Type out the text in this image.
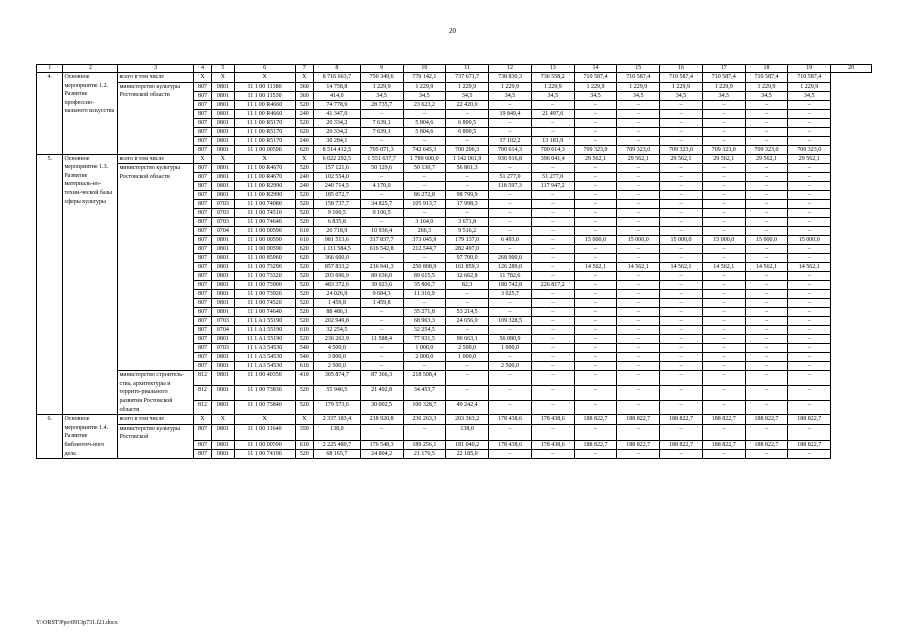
20
1	2	3	4	5	6	7	8	9	10	11	12	13	14	15	16	17	18	19	20
4.	Основное мероприятие 1.2. Развитие профессио-нального искусства	всего в том числе	X	X	X	X	8 716 663,7	750 349,6	779 142,1	737 671,7	738 830,3	736 558,2	710 587,4	710 587,4	710 587,4	710 587,4	710 587,4	710 587,4	
		министерство культуры Ростовской области	807	0801	11 1 00 11380	360	14 758,8	1 229,9	1 229,9	1 229,9	1 229,9	1 229,9	1 229,9	1 229,9	1 229,9	1 229,9	1 229,9	1 229,9	
			807	0801	11 1 00 11530	360	414,0	34,5	34,5	34,5	34,5	34,5	34,5	34,5	34,5	34,5	34,5	34,5	
			807	0801	11 1 00 R4660	520	74 778,9	28 735,7	23 623,2	22 420,0	–	–	–	–	–	–	–	–	
			807	0801	11 1 00 R4660	240	41 347,0	–	–	–	19 849,4	21 497,6	–	–	–	–	–	–	
			807	0801	11 1 00 R5170	520	20 334,2	7 639,1	5 804,6	6 890,5	–	–	–	–	–	–	–	–	
			807	0801	11 1 00 R5170	620	20 334,2	7 639,1	5 804,6	6 890,5	–	–	–	–	–	–	–	–	
			807	0801	11 1 00 R5170	240	30 284,1	–	–	–	17 102,2	13 181,9	–	–	–	–	–	–	
			807	0801	11 1 00 00590	620	8 514 412,5	705 071,3	742 645,3	700 206,3	700 614,3	700 614,3	709 323,0	709 323,0	709 323,0	709 323,0	709 323,0	709 323,0	
5.	Основное мероприятие 1.3. Развитие материаль-но-техни-ческой базы сферы культуры	всего в том числе	X	X	X	X	6 022 292,5	1 551 637,7	1 789 600,0	1 142 061,9	936 016,8	396 041,4	29 562,1	29 562,1	29 562,1	29 562,1	29 562,1	29 562,1	
		министерство культуры Ростовской области	807	0801	11 1 00 R4670	520	157 121,6	50 129,6	50 130,7	56 861,3	–	–	–	–	–	–	–	–	
			807	0801	11 1 00 R4670	240	102 554,0	–	–	–	51 277,0	51 277,0	–	–	–	–	–	–	
			807	0801	11 1 00 R2990	240	240 714,5	4 170,0	–	–	118 597,3	117 947,2	–	–	–	–	–	–	
			807	0801	11 1 00 R2990	520	185 072,7	–	86 272,8	98 799,9	–	–	–	–	–	–	–	–	
			807	0703	11 1 00 74080	520	158 737,7	34 825,7	105 913,7	17 998,3	–	–	–	–	–	–	–	–	
			807	0703	11 1 00 74510	520	9 100,5	9 100,5	–	–	–	–	–	–	–	–	–	–	
			807	0703	11 1 00 74640	520	6 835,8	–	3 164,0	3 671,8	–	–	–	–	–	–	–	–	
			807	0704	11 1 00 00590	610	20 718,9	10 936,4	266,3	9 516,2	–	–	–	–	–	–	–	–	
			807	0801	11 1 00 00590	610	981 513,6	317 837,7	373 045,9	179 137,0	6 493,0	–	15 000,0	15 000,0	15 000,0	15 000,0	15 000,0	15 000,0	
			807	0801	11 1 00 00590	620	1 111 584,5	616 542,8	212 544,7	282 497,0	–	–	–	–	–	–	–	–	
			807	0801	11 1 00 85960	620	366 600,0	–	–	97 700,0	268 900,0	–	–	–	–	–	–	–	
			807	0801	11 1 00 73290	520	857 833,2	216 941,3	250 808,9	161 859,3	126 289,0	–	14 562,1	14 562,1	14 562,1	14 562,1	14 562,1	14 562,1	
			807	0801	11 1 00 73320	520	203 696,9	89 636,0	89 615,5	12 662,8	11 782,6	–	–	–	–	–	–	–	
			807	0801	11 1 00 73900	520	483 372,6	39 923,6	35 806,7	82,3	180 742,8	226 817,2	–	–	–	–	–	–	
			807	0801	11 1 00 73920	520	24 026,9	9 684,3	11 316,9	–	3 025,7	–	–	–	–	–	–	–	
			807	0801	11 1 00 74520	520	1 459,8	1 459,8	–	–	–	–	–	–	–	–	–	–	
			807	0801	11 1 00 74640	520	88 486,3	–	35 271,8	53 214,5	–	–	–	–	–	–	–	–	
			807	0703	11 1 A1 55190	520	202 949,8	–	68 963,3	24 656,0	109 328,5	–	–	–	–	–	–	–	
			807	0704	11 1 A1 55190	610	32 254,5	–	32 254,5	–	–	–	–	–	–	–	–	–	
			807	0801	11 1 A1 55190	520	236 263,9	11 588,4	77 931,5	90 663,1	56 080,9	–	–	–	–	–	–	–	
			807	0703	11 1 A3 54530	540	4 500,0	–	1 000,0	2 500,0	1 000,0	–	–	–	–	–	–	–	
			807	0801	11 1 A3 54530	540	3 000,0	–	2 000,0	1 000,0	–	–	–	–	–	–	–	–	
			807	0801	11 1 A3 54530	610	2 500,0	–	–	–	2 500,0	–	–	–	–	–	–	–	
		министерство строитель-ства, архитектуры и террито-риального развития Ростовской области	812	0801	11 1 00 40350	410	305 874,7	87 366,3	218 508,4	–	–	–	–	–	–	–	–	–	
			812	0801	11 1 00 73830	520	55 946,5	21 492,8	34 453,7	–	–	–	–	–	–	–	–	–	
			812	0801	11 1 00 73840	520	179 573,6	30 002,5	100 328,7	49 242,4	–	–	–	–	–	–	–	–	
6.	Основное мероприятие 1.4. Развитие библиотеч-ного дела	всего в том числе	X	X	X	X	2 337 183,4	218 920,8	236 263,3	203 363,2	178 438,6	178 438,6	188 822,7	188 822,7	188 822,7	188 822,7	188 822,7	188 822,7	
		министерство культуры Ростовской	807	0801	11 1 00 11640	350	138,0	–	–	138,0	–	–	–	–	–	–	–	–	
			807	0801	11 1 00 00590	610	2 225 480,7	176 548,3	189 256,1	181 040,2	178 438,6	178 438,6	188 822,7	188 822,7	188 822,7	188 822,7	188 822,7	188 822,7	
			807	0801	11 1 00 74190	520	68 165,7	24 804,2	21 176,5	22 185,0	–	–	–	–	–	–	–	–	
Y:\ORST\Ppo\0913p731.f21.docx
